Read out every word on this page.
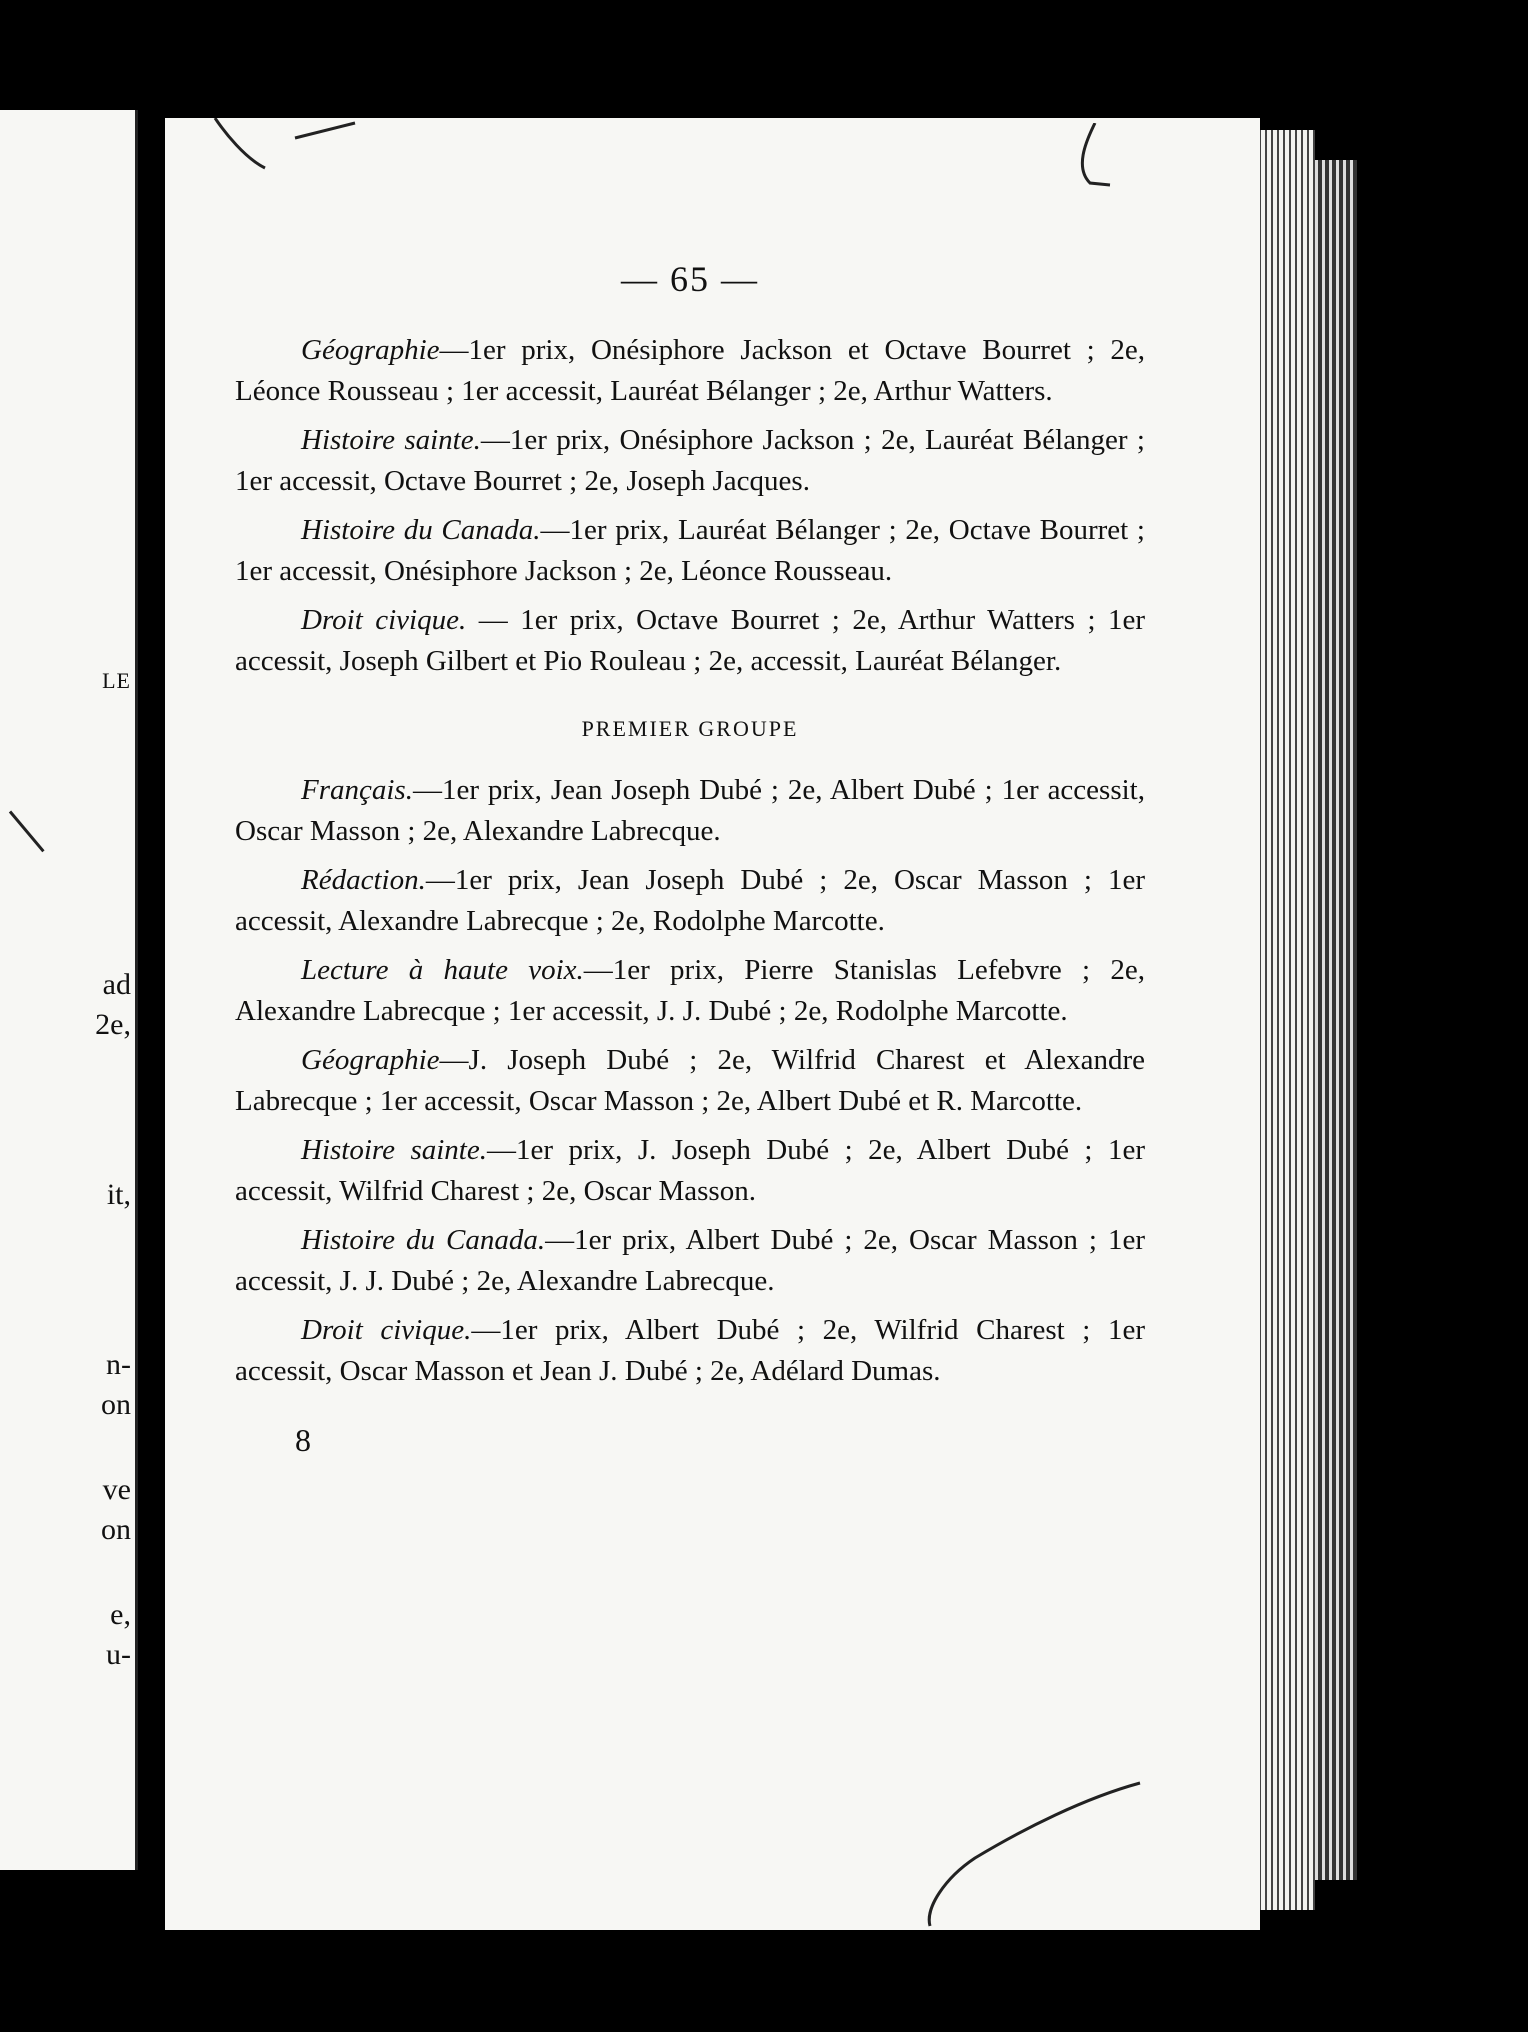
LE
ad
2e,
it,
n-
on
ve
on
e,
u-
— 65 —

Géographie—1er prix, Onésiphore Jackson et Octave Bourret ; 2e, Léonce Rousseau ; 1er accessit, Lauréat Bélanger ; 2e, Arthur Watters.

Histoire sainte.—1er prix, Onésiphore Jackson ; 2e, Lauréat Bélanger ; 1er accessit, Octave Bourret ; 2e, Joseph Jacques.

Histoire du Canada.—1er prix, Lauréat Bélanger ; 2e, Octave Bourret ; 1er accessit, Onésiphore Jackson ; 2e, Léonce Rousseau.

Droit civique. — 1er prix, Octave Bourret ; 2e, Arthur Watters ; 1er accessit, Joseph Gilbert et Pio Rouleau ; 2e, accessit, Lauréat Bélanger.

PREMIER GROUPE

Français.—1er prix, Jean Joseph Dubé ; 2e, Albert Dubé ; 1er accessit, Oscar Masson ; 2e, Alexandre Labrecque.

Rédaction.—1er prix, Jean Joseph Dubé ; 2e, Oscar Masson ; 1er accessit, Alexandre Labrecque ; 2e, Rodolphe Marcotte.

Lecture à haute voix.—1er prix, Pierre Stanislas Lefebvre ; 2e, Alexandre Labrecque ; 1er accessit, J. J. Dubé ; 2e, Rodolphe Marcotte.

Géographie—J. Joseph Dubé ; 2e, Wilfrid Charest et Alexandre Labrecque ; 1er accessit, Oscar Masson ; 2e, Albert Dubé et R. Marcotte.

Histoire sainte.—1er prix, J. Joseph Dubé ; 2e, Albert Dubé ; 1er accessit, Wilfrid Charest ; 2e, Oscar Masson.

Histoire du Canada.—1er prix, Albert Dubé ; 2e, Oscar Masson ; 1er accessit, J. J. Dubé ; 2e, Alexandre Labrecque.

Droit civique.—1er prix, Albert Dubé ; 2e, Wilfrid Charest ; 1er accessit, Oscar Masson et Jean J. Dubé ; 2e, Adélard Dumas.

8
